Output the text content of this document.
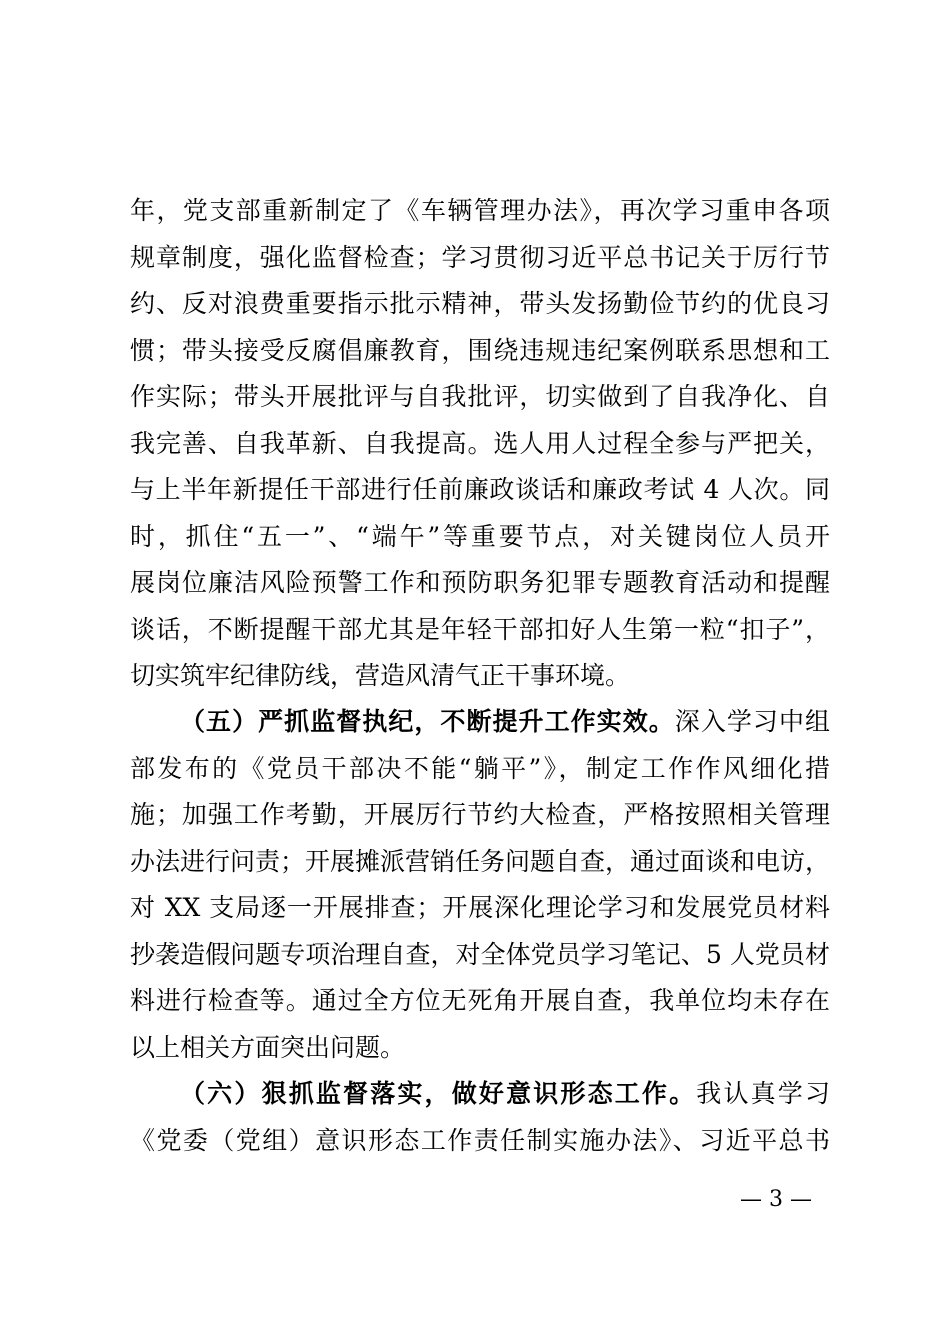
年，党支部重新制定了《车辆管理办法》，再次学习重申各项
规章制度，强化监督检查；学习贯彻习近平总书记关于厉行节
约、反对浪费重要指示批示精神，带头发扬勤俭节约的优良习
惯；带头接受反腐倡廉教育，围绕违规违纪案例联系思想和工
作实际；带头开展批评与自我批评，切实做到了自我净化、自
我完善、自我革新、自我提高。选人用人过程全参与严把关，
与上半年新提任干部进行任前廉政谈话和廉政考试 4 人次。同
时，抓住“五一”、“端午”等重要节点，对关键岗位人员开
展岗位廉洁风险预警工作和预防职务犯罪专题教育活动和提醒
谈话，不断提醒干部尤其是年轻干部扣好人生第一粒“扣子”，
切实筑牢纪律防线，营造风清气正干事环境。
（五）严抓监督执纪，不断提升工作实效。深入学习中组
部发布的《党员干部决不能“躺平”》，制定工作作风细化措
施；加强工作考勤，开展厉行节约大检查，严格按照相关管理
办法进行问责；开展摊派营销任务问题自查，通过面谈和电访，
对 XX 支局逐一开展排查；开展深化理论学习和发展党员材料
抄袭造假问题专项治理自查，对全体党员学习笔记、5 人党员材
料进行检查等。通过全方位无死角开展自查，我单位均未存在
以上相关方面突出问题。
（六）狠抓监督落实，做好意识形态工作。我认真学习
《党委（党组）意识形态工作责任制实施办法》、习近平总书
— 3 —
